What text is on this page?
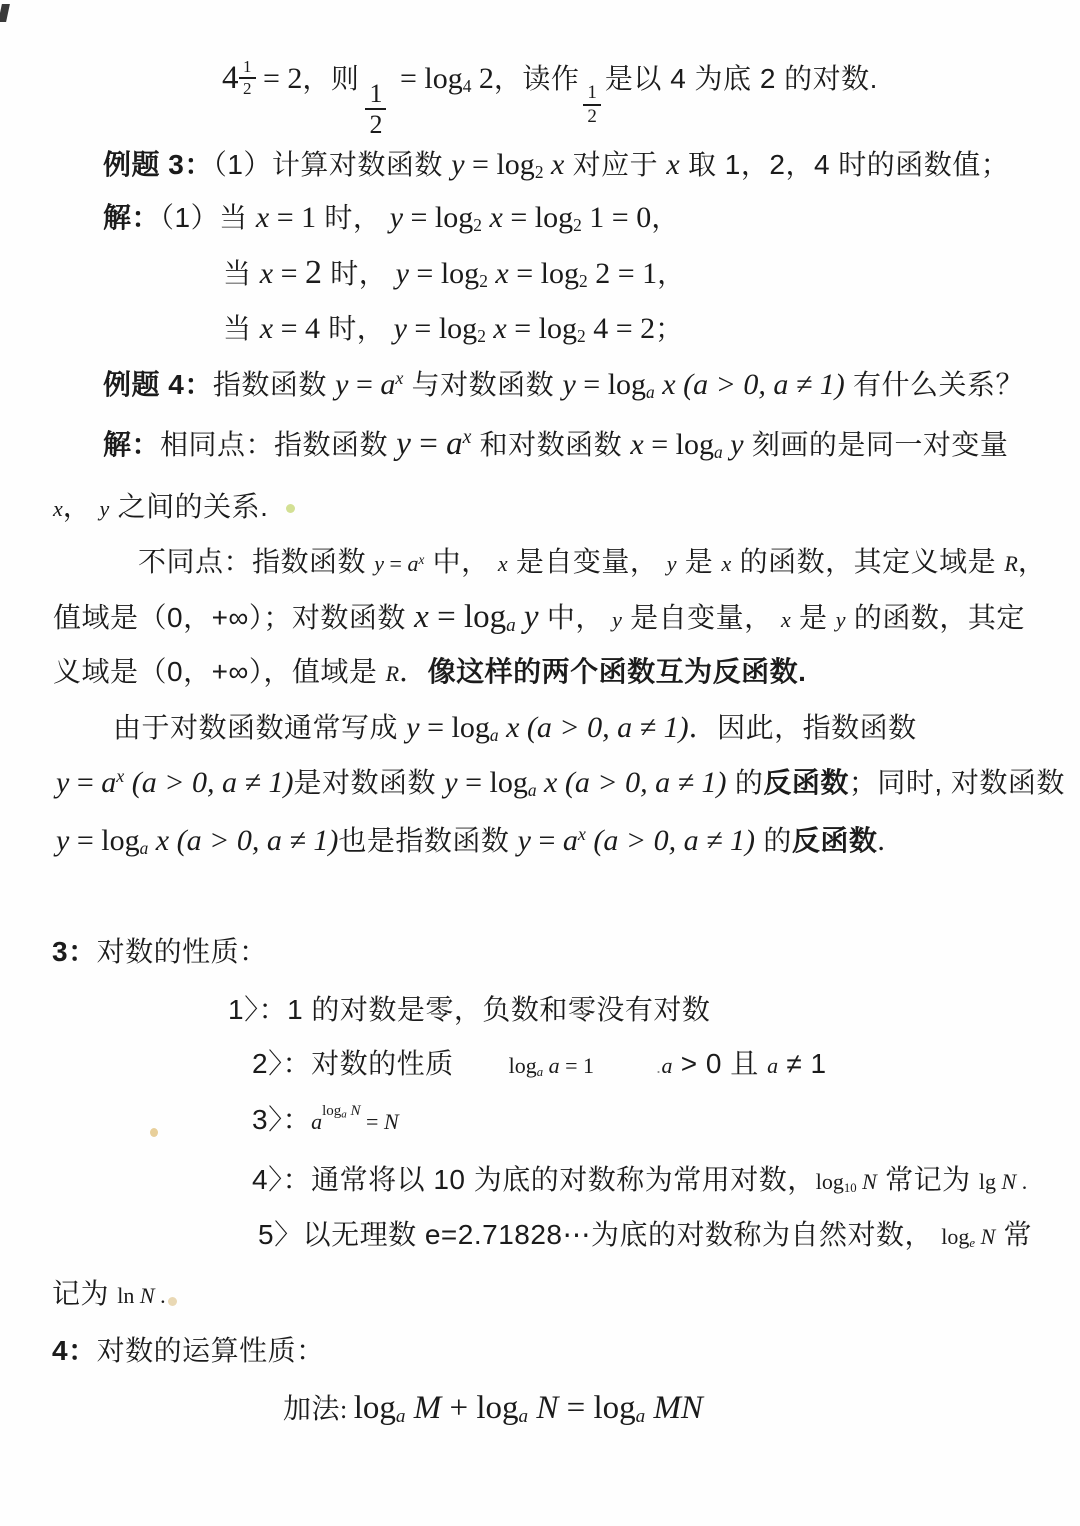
$4 \frac{1}{2} = 2$，则
$\frac{1}{2}$
= log4 2，读作
$\frac{1}{2}$
是以 4 为底 2 的对数.
例题 3：（1）计算对数函数 y = log2 x 对应于 x 取 1，2，4 时的函数值；
解：（1）当 x = 1 时， y = log2 x = log2 1 = 0，
当 x = 2 时， y = log2 x = log2 2 = 1，
当 x = 4 时， y = log2 x = log2 4 = 2；
例题 4：指数函数 $y = a^x$ 与对数函数 y = loga x (a > 0, a ≠ 1) 有什么关系？
解：相同点：指数函数 $y = a^x$ 和对数函数 x = loga y 刻画的是同一对变量
x， y 之间的关系.
不同点：指数函数 $y = a^x$ 中， x 是自变量， y 是 x 的函数，其定义域是 R，
值域是（0，+∞）；对数函数 x = loga y 中， y 是自变量， x 是 y 的函数，其定
义域是（0，+∞），值域是 R．像这样的两个函数互为反函数.
由于对数函数通常写成 y = loga x (a > 0, a ≠ 1)．因此，指数函数
$y = a^x$ (a > 0, a ≠ 1)是对数函数 y = loga x (a > 0, a ≠ 1) 的反函数；同时, 对数函数
y = loga x (a > 0, a ≠ 1)也是指数函数 $y = a^x$ (a > 0, a ≠ 1) 的反函数.
3：对数的性质：
1〉：1 的对数是零，负数和零没有对数
2〉：对数的性质	loga a = 1	.a > 0 且 a ≠ 1
3〉：$a^{loga N} = N$
4〉：通常将以 10 为底的对数称为常用对数，log10 N 常记为 lg N .
5〉以无理数 e=2.71828⋯为底的对数称为自然对数， loge N 常
记为 ln N .
4：对数的运算性质：
加法: loga M + loga N = loga MN
